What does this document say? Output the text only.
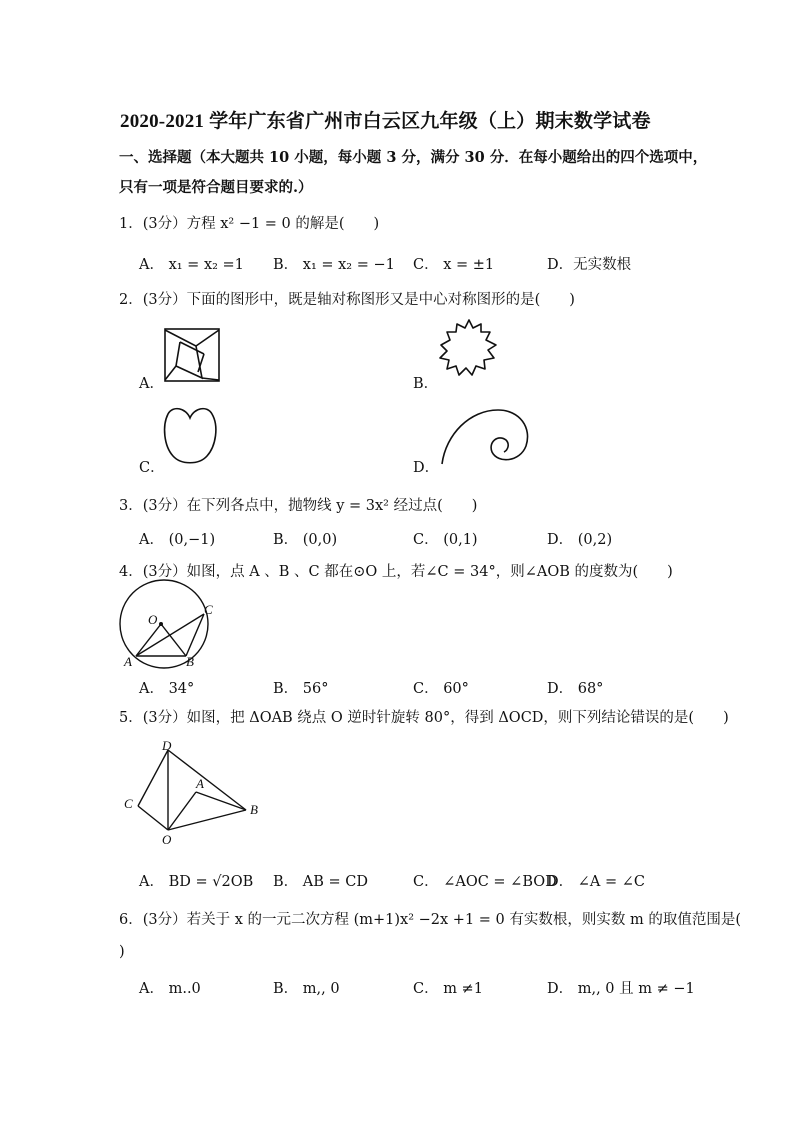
2020-2021 学年广东省广州市白云区九年级（上）期末数学试卷
一、选择题（本大题共 10 小题，每小题 3 分，满分 30 分．在每小题给出的四个选项中，
只有一项是符合题目要求的.）
1．(3分）方程 x² −1 = 0 的解是(　　)
A． x₁ = x₂ =1 B． x₁ = x₂ = −1 C． x = ±1	D．无实数根
2．(3分）下面的图形中，既是轴对称图形又是中心对称图形的是(　　)
A．	B．
C．	D．
3．(3分）在下列各点中，抛物线 y = 3x² 经过点(　　)
A． (0,−1)	B． (0,0)	C． (0,1)	D． (0,2)
4．(3分）如图，点 A 、B 、C 都在⊙O 上，若∠C = 34°，则∠AOB 的度数为(　　)
O
C
A	B
A． 34°	B． 56°	C． 60°	D． 68°
5．(3分）如图，把 ΔOAB 绕点 O 逆时针旋转 80°，得到 ΔOCD，则下列结论错误的是(　　)
D
A
C	B
O
A． BD = √2OB B． AB = CD	C． ∠AOC = ∠BOD
D． ∠A = ∠C
6．(3分）若关于 x 的一元二次方程 (m+1)x² −2x +1 = 0 有实数根，则实数 m 的取值范围是(
)
A． m..0	B． m,, 0	C． m ≠1	D． m,, 0 且 m ≠ −1
